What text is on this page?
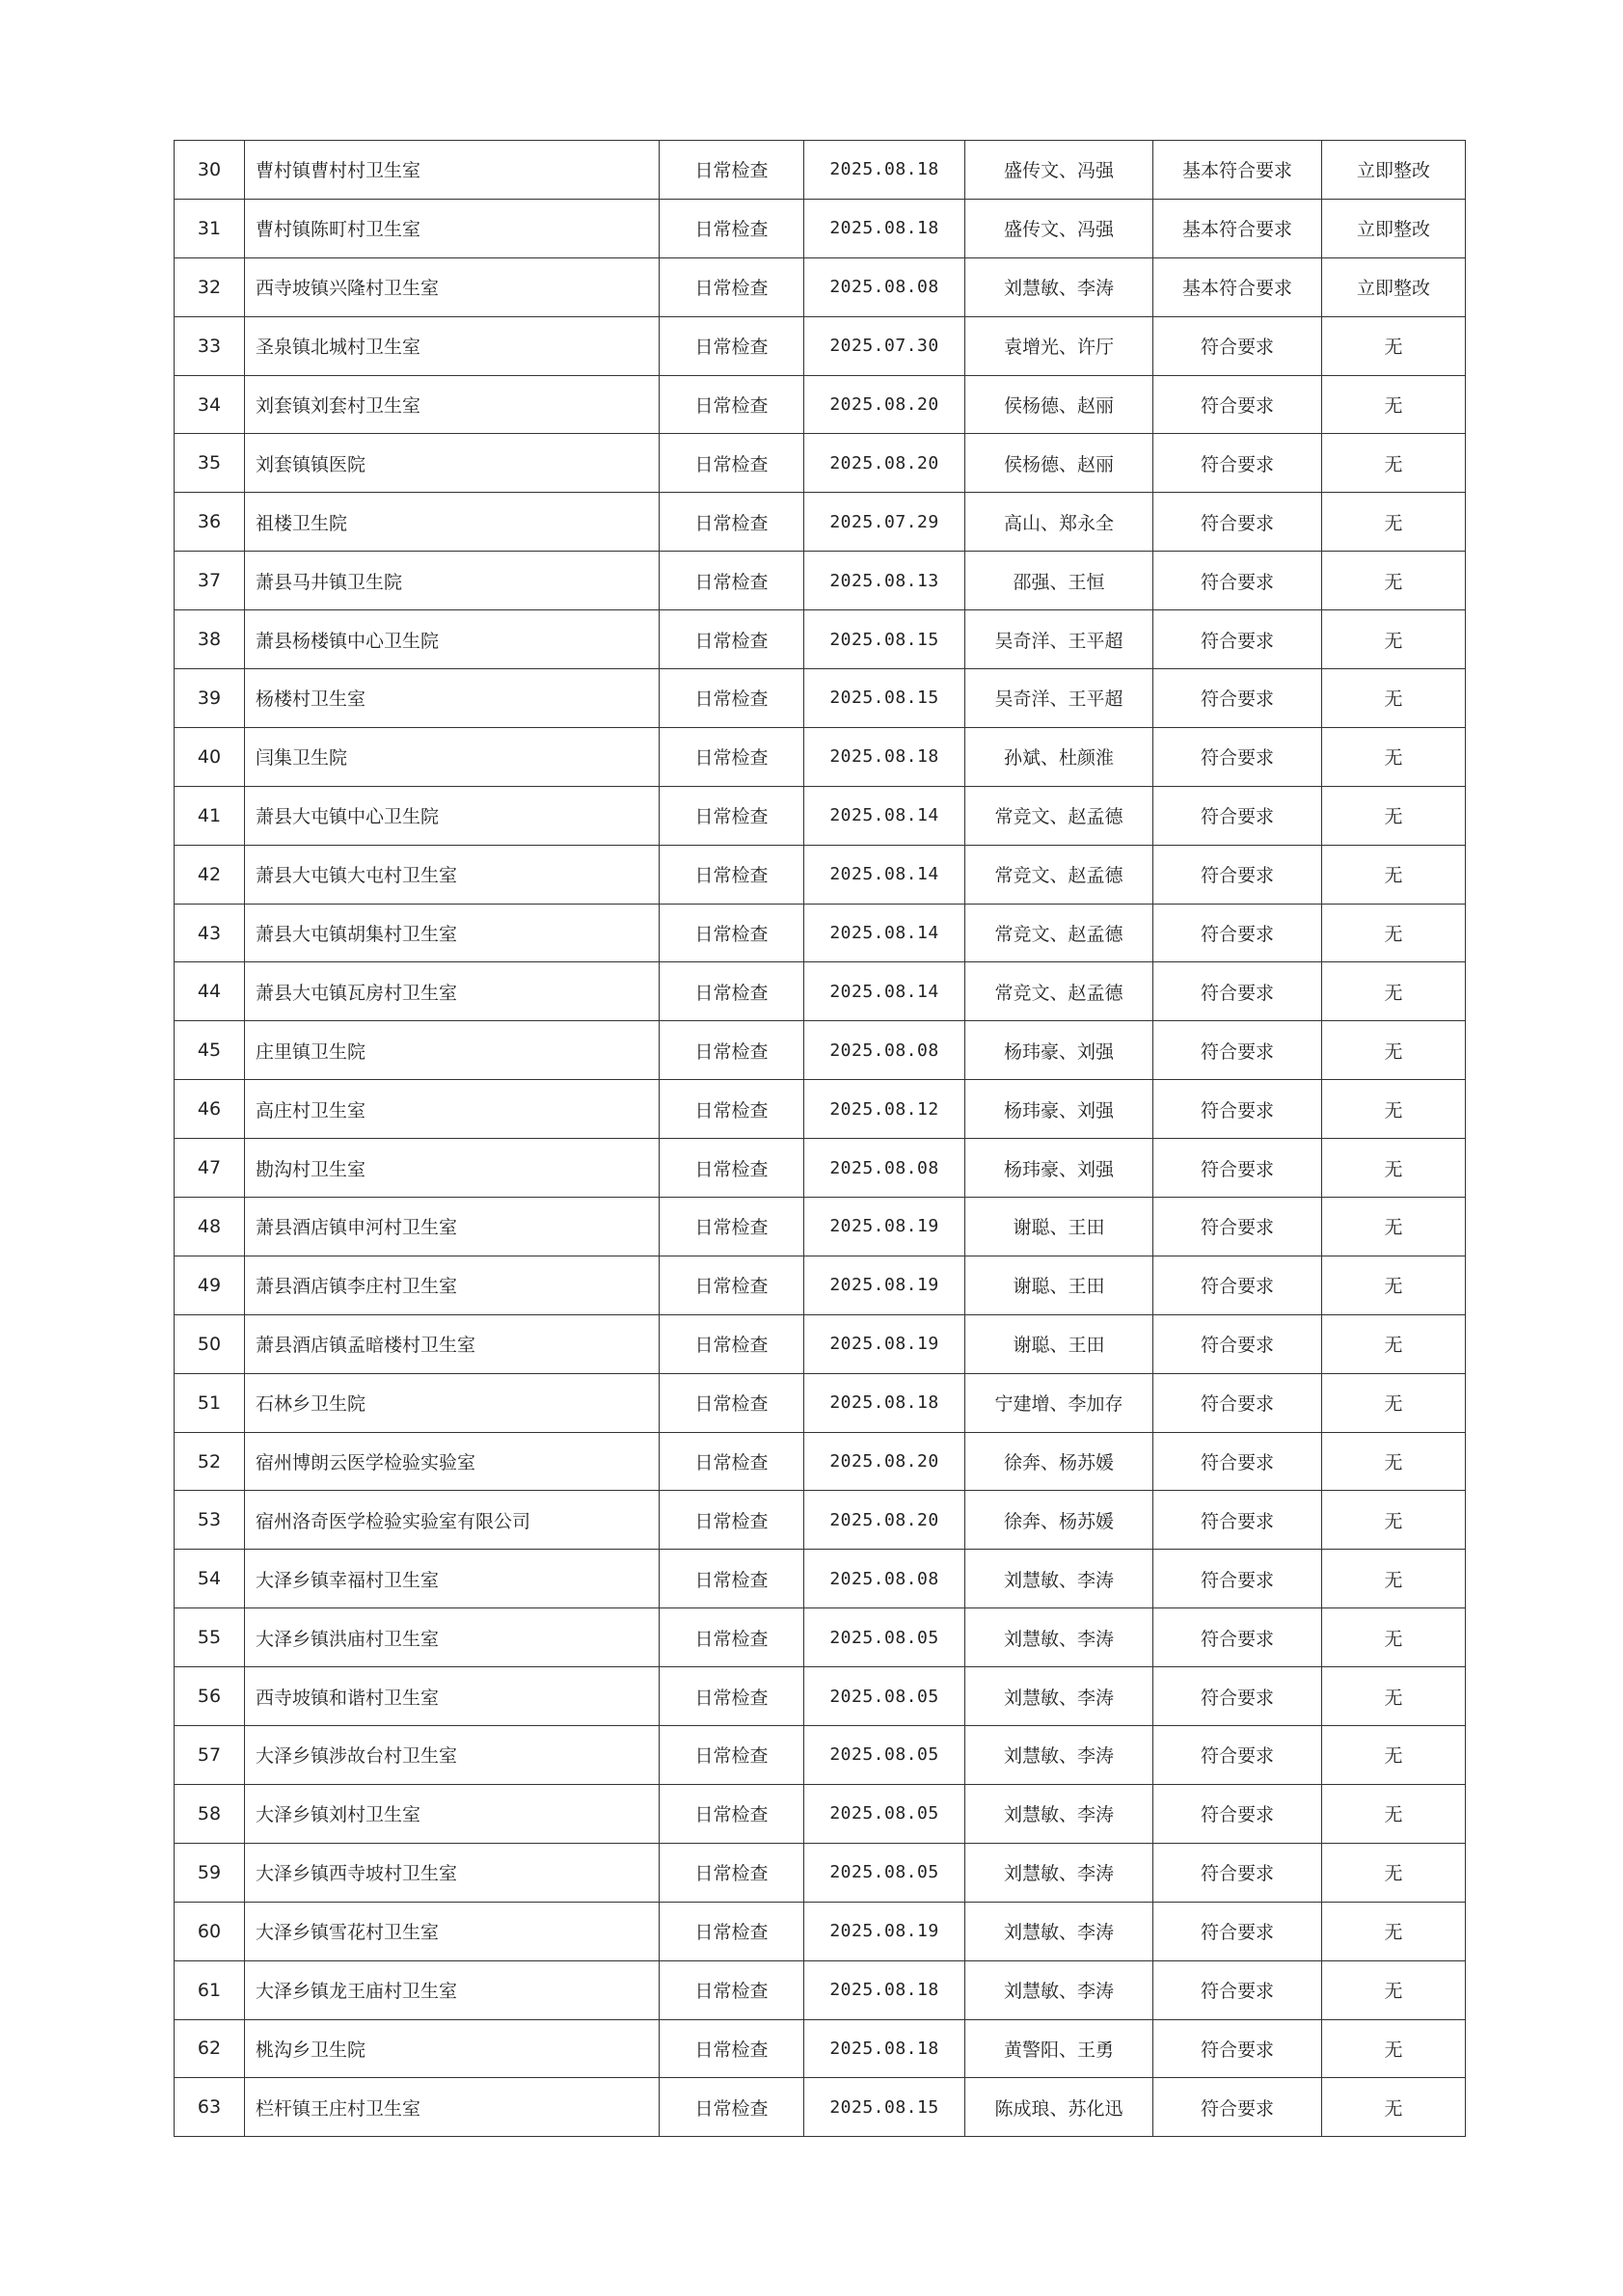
30	曹村镇曹村村卫生室	日常检查	2025.08.18	盛传文、冯强	基本符合要求	立即整改
31	曹村镇陈町村卫生室	日常检查	2025.08.18	盛传文、冯强	基本符合要求	立即整改
32	西寺坡镇兴隆村卫生室	日常检查	2025.08.08	刘慧敏、李涛	基本符合要求	立即整改
33	圣泉镇北城村卫生室	日常检查	2025.07.30	袁增光、许厅	符合要求	无
34	刘套镇刘套村卫生室	日常检查	2025.08.20	侯杨德、赵丽	符合要求	无
35	刘套镇镇医院	日常检查	2025.08.20	侯杨德、赵丽	符合要求	无
36	祖楼卫生院	日常检查	2025.07.29	高山、郑永全	符合要求	无
37	萧县马井镇卫生院	日常检查	2025.08.13	邵强、王恒	符合要求	无
38	萧县杨楼镇中心卫生院	日常检查	2025.08.15	吴奇洋、王平超	符合要求	无
39	杨楼村卫生室	日常检查	2025.08.15	吴奇洋、王平超	符合要求	无
40	闫集卫生院	日常检查	2025.08.18	孙斌、杜颜淮	符合要求	无
41	萧县大屯镇中心卫生院	日常检查	2025.08.14	常竞文、赵孟德	符合要求	无
42	萧县大屯镇大屯村卫生室	日常检查	2025.08.14	常竞文、赵孟德	符合要求	无
43	萧县大屯镇胡集村卫生室	日常检查	2025.08.14	常竞文、赵孟德	符合要求	无
44	萧县大屯镇瓦房村卫生室	日常检查	2025.08.14	常竞文、赵孟德	符合要求	无
45	庄里镇卫生院	日常检查	2025.08.08	杨玮豪、刘强	符合要求	无
46	高庄村卫生室	日常检查	2025.08.12	杨玮豪、刘强	符合要求	无
47	勘沟村卫生室	日常检查	2025.08.08	杨玮豪、刘强	符合要求	无
48	萧县酒店镇申河村卫生室	日常检查	2025.08.19	谢聪、王田	符合要求	无
49	萧县酒店镇李庄村卫生室	日常检查	2025.08.19	谢聪、王田	符合要求	无
50	萧县酒店镇孟暗楼村卫生室	日常检查	2025.08.19	谢聪、王田	符合要求	无
51	石林乡卫生院	日常检查	2025.08.18	宁建增、李加存	符合要求	无
52	宿州博朗云医学检验实验室	日常检查	2025.08.20	徐奔、杨苏媛	符合要求	无
53	宿州洛奇医学检验实验室有限公司	日常检查	2025.08.20	徐奔、杨苏媛	符合要求	无
54	大泽乡镇幸福村卫生室	日常检查	2025.08.08	刘慧敏、李涛	符合要求	无
55	大泽乡镇洪庙村卫生室	日常检查	2025.08.05	刘慧敏、李涛	符合要求	无
56	西寺坡镇和谐村卫生室	日常检查	2025.08.05	刘慧敏、李涛	符合要求	无
57	大泽乡镇涉故台村卫生室	日常检查	2025.08.05	刘慧敏、李涛	符合要求	无
58	大泽乡镇刘村卫生室	日常检查	2025.08.05	刘慧敏、李涛	符合要求	无
59	大泽乡镇西寺坡村卫生室	日常检查	2025.08.05	刘慧敏、李涛	符合要求	无
60	大泽乡镇雪花村卫生室	日常检查	2025.08.19	刘慧敏、李涛	符合要求	无
61	大泽乡镇龙王庙村卫生室	日常检查	2025.08.18	刘慧敏、李涛	符合要求	无
62	桃沟乡卫生院	日常检查	2025.08.18	黄警阳、王勇	符合要求	无
63	栏杆镇王庄村卫生室	日常检查	2025.08.15	陈成琅、苏化迅	符合要求	无
